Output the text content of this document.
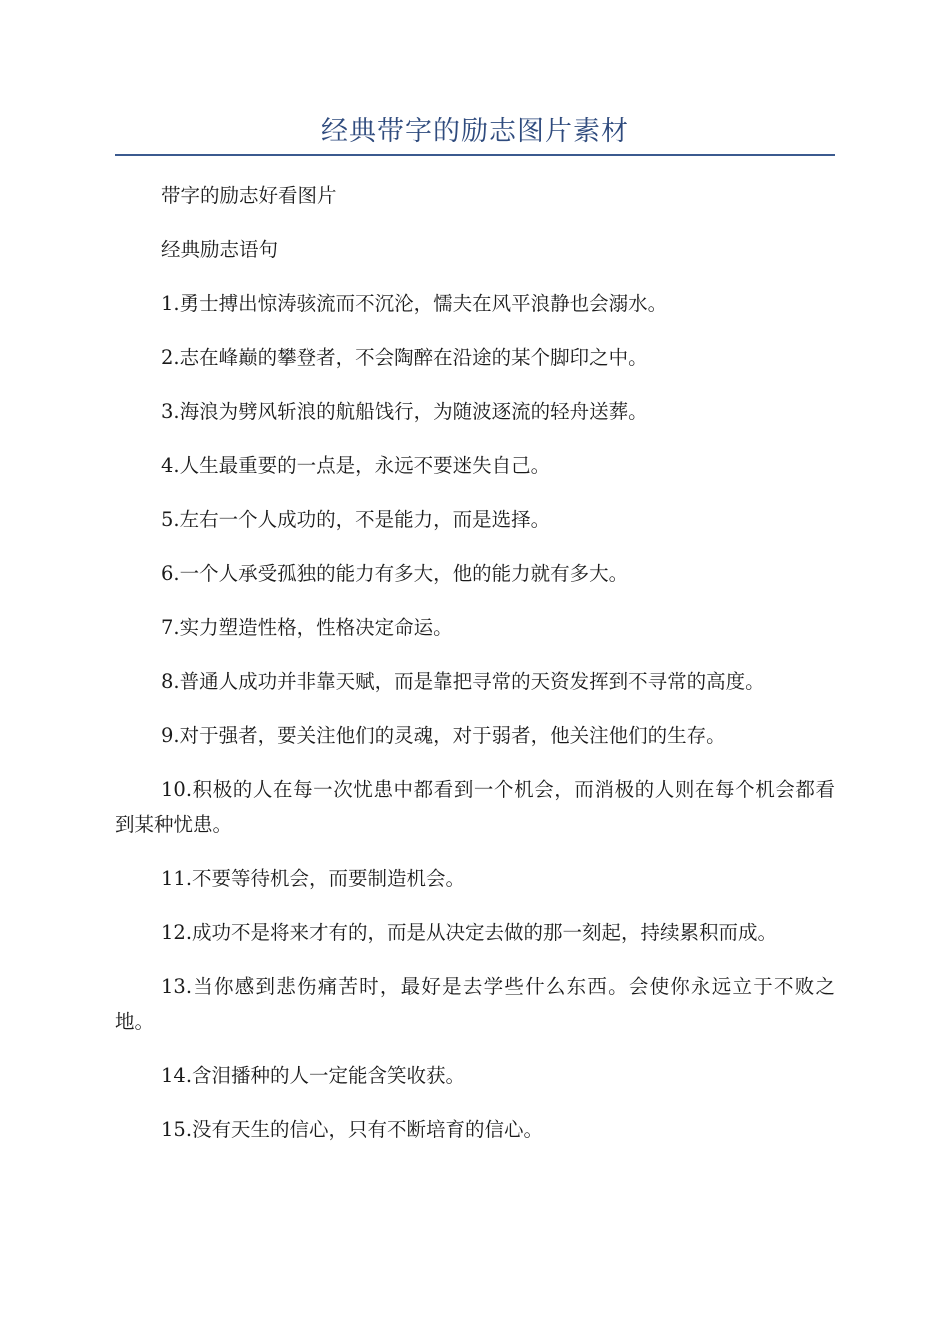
经典带字的励志图片素材

带字的励志好看图片

经典励志语句

1.勇士搏出惊涛骇流而不沉沦，懦夫在风平浪静也会溺水。

2.志在峰巅的攀登者，不会陶醉在沿途的某个脚印之中。

3.海浪为劈风斩浪的航船饯行，为随波逐流的轻舟送葬。

4.人生最重要的一点是，永远不要迷失自己。

5.左右一个人成功的，不是能力，而是选择。

6.一个人承受孤独的能力有多大，他的能力就有多大。

7.实力塑造性格，性格决定命运。

8.普通人成功并非靠天赋，而是靠把寻常的天资发挥到不寻常的高度。

9.对于强者，要关注他们的灵魂，对于弱者，他关注他们的生存。

10.积极的人在每一次忧患中都看到一个机会，而消极的人则在每个机会都看到某种忧患。

11.不要等待机会，而要制造机会。

12.成功不是将来才有的，而是从决定去做的那一刻起，持续累积而成。

13.当你感到悲伤痛苦时，最好是去学些什么东西。会使你永远立于不败之地。

14.含泪播种的人一定能含笑收获。

15.没有天生的信心，只有不断培育的信心。
